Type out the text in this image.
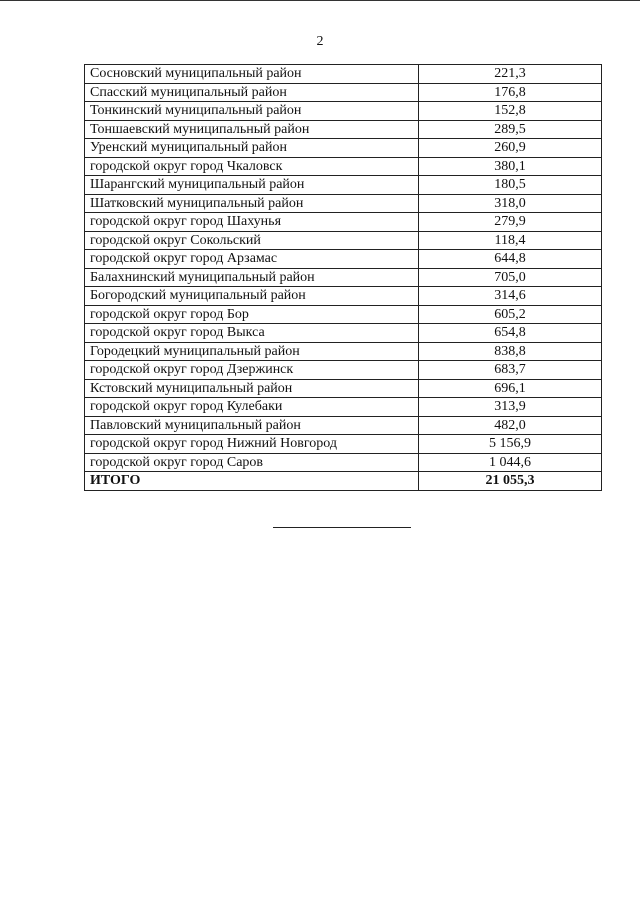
2
Сосновский муниципальный район	221,3
Спасский муниципальный район	176,8
Тонкинский муниципальный район	152,8
Тоншаевский муниципальный район	289,5
Уренский муниципальный район	260,9
городской округ город Чкаловск	380,1
Шарангский муниципальный район	180,5
Шатковский муниципальный район	318,0
городской округ город Шахунья	279,9
городской округ Сокольский	118,4
городской округ город Арзамас	644,8
Балахнинский муниципальный район	705,0
Богородский муниципальный район	314,6
городской округ город Бор	605,2
городской округ город Выкса	654,8
Городецкий муниципальный район	838,8
городской округ город Дзержинск	683,7
Кстовский муниципальный район	696,1
городской округ город Кулебаки	313,9
Павловский муниципальный район	482,0
городской округ город Нижний Новгород	5 156,9
городской округ город Саров	1 044,6
ИТОГО	21 055,3
